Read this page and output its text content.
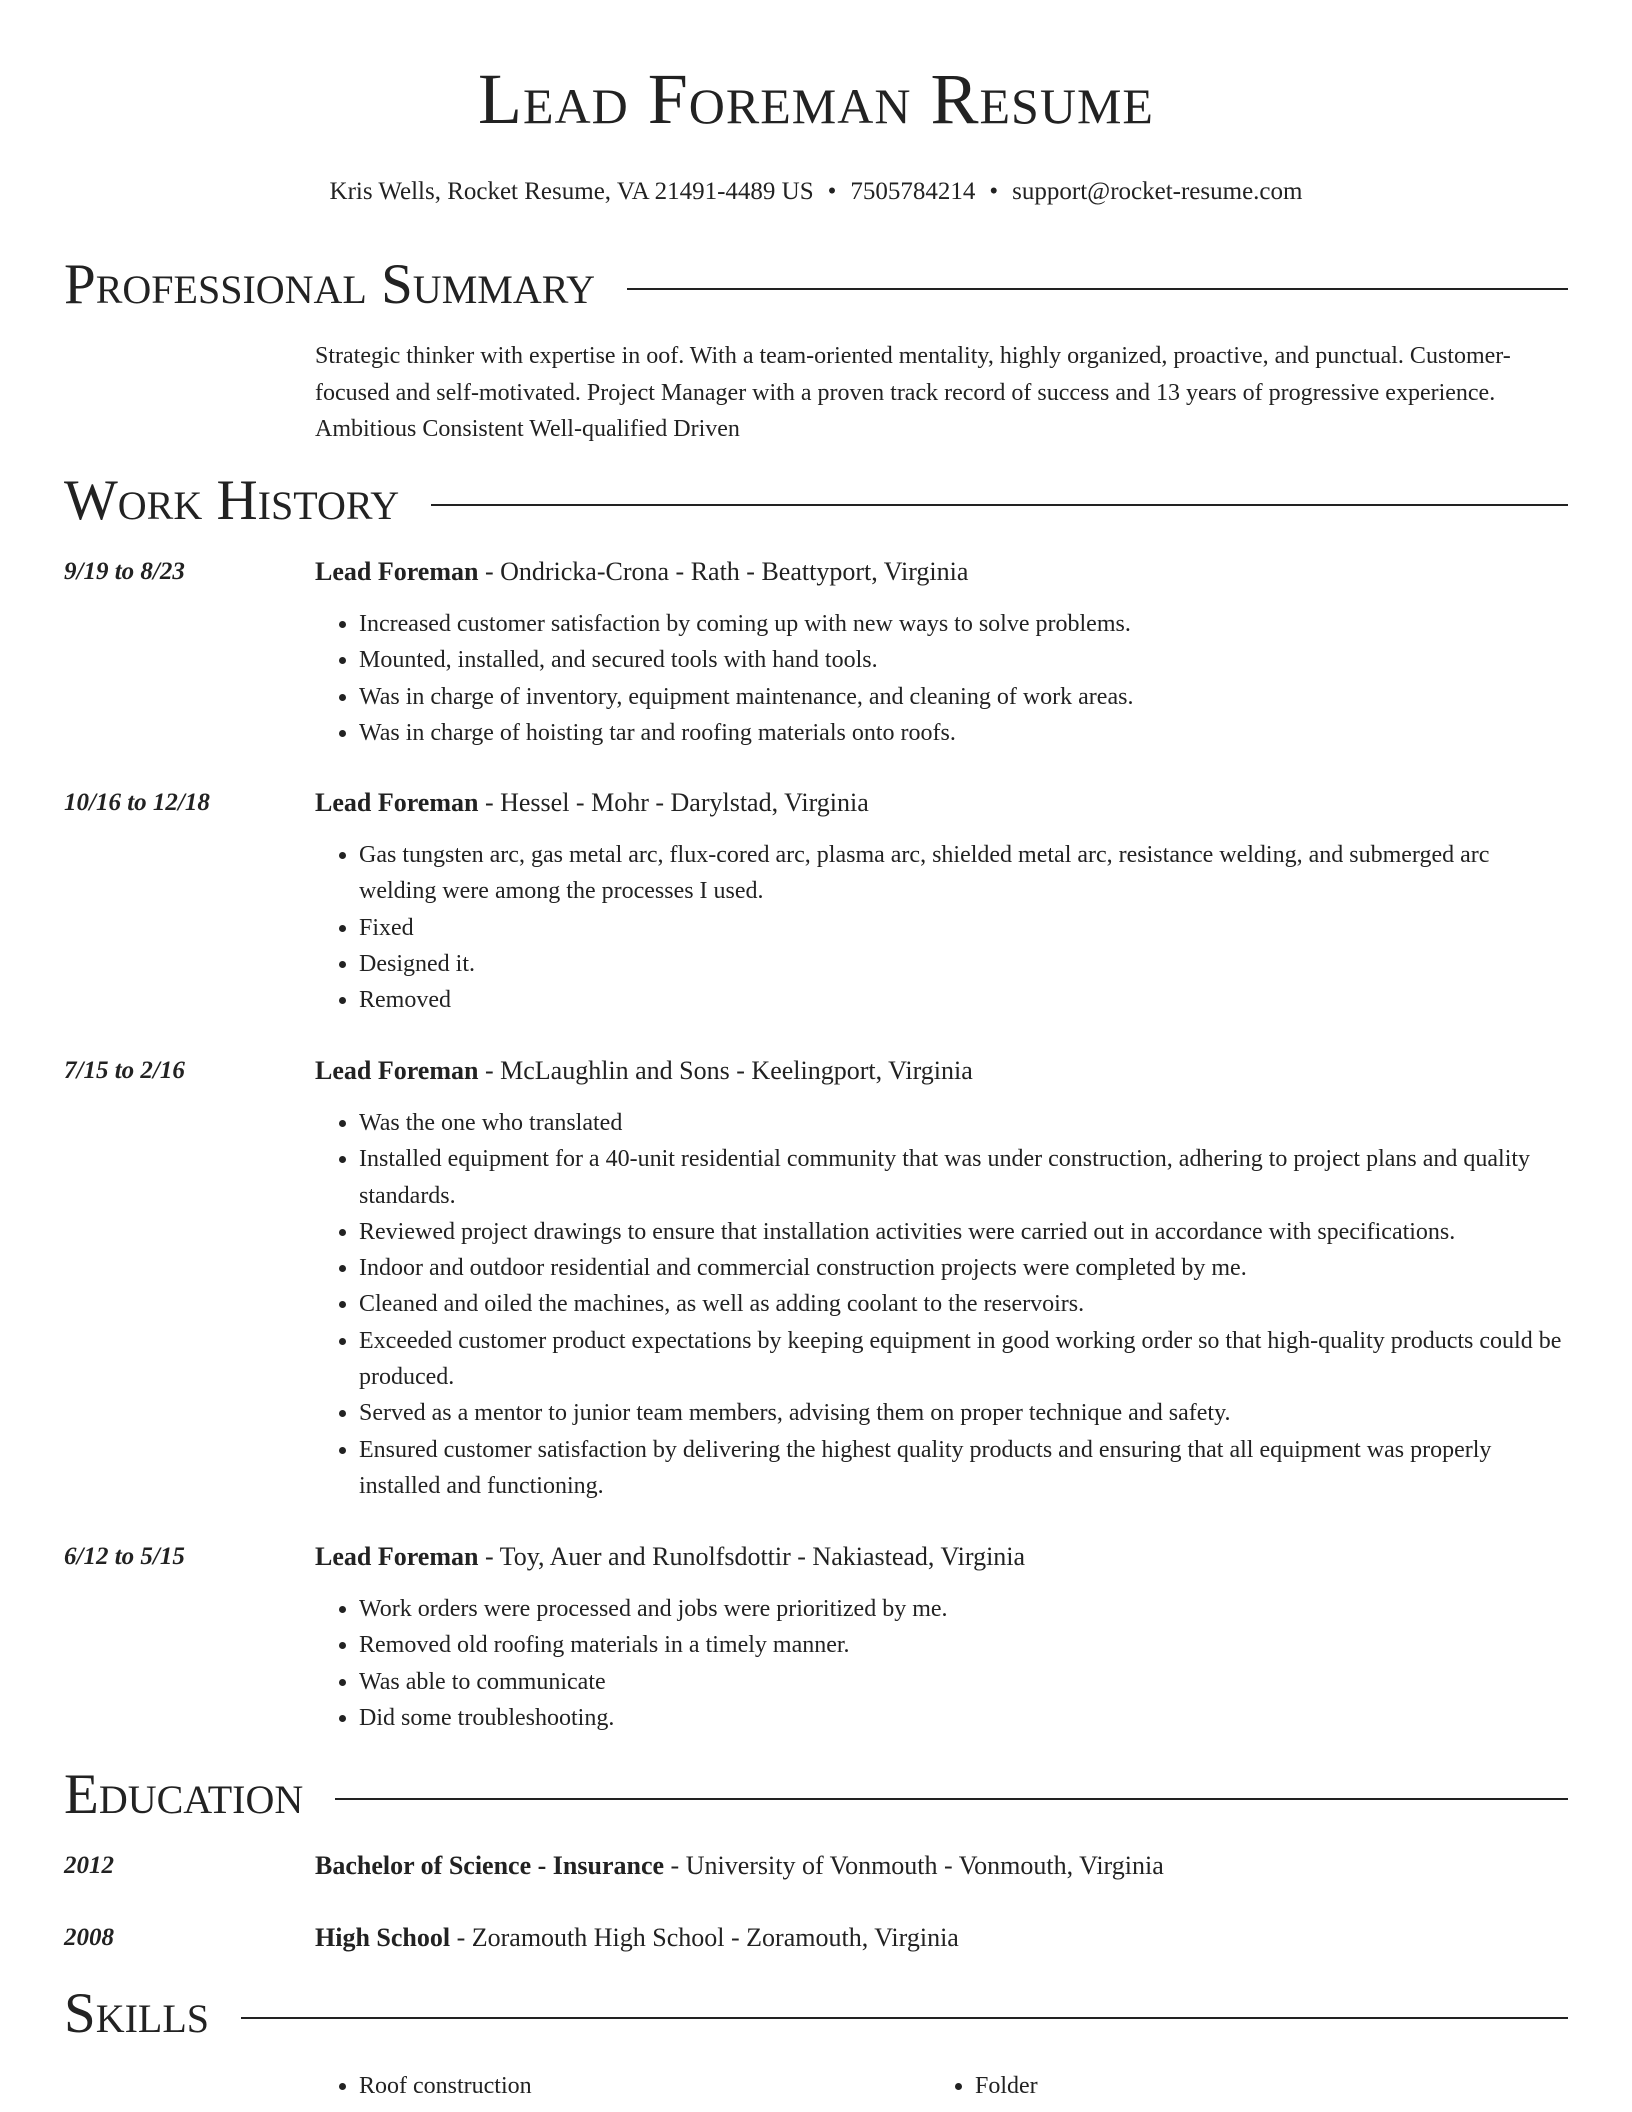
Lead Foreman Resume
Kris Wells, Rocket Resume, VA 21491-4489 US • 7505784214 • support@rocket-resume.com
Professional Summary
Strategic thinker with expertise in oof. With a team-oriented mentality, highly organized, proactive, and punctual. Customer-focused and self-motivated. Project Manager with a proven track record of success and 13 years of progressive experience. Ambitious Consistent Well-qualified Driven
Work History
9/19 to 8/23	Lead Foreman - Ondricka-Crona - Rath - Beattyport, Virginia
• Increased customer satisfaction by coming up with new ways to solve problems.
• Mounted, installed, and secured tools with hand tools.
• Was in charge of inventory, equipment maintenance, and cleaning of work areas.
• Was in charge of hoisting tar and roofing materials onto roofs.
10/16 to 12/18	Lead Foreman - Hessel - Mohr - Darylstad, Virginia
• Gas tungsten arc, gas metal arc, flux-cored arc, plasma arc, shielded metal arc, resistance welding, and submerged arc welding were among the processes I used.
• Fixed
• Designed it.
• Removed
7/15 to 2/16	Lead Foreman - McLaughlin and Sons - Keelingport, Virginia
• Was the one who translated
• Installed equipment for a 40-unit residential community that was under construction, adhering to project plans and quality standards.
• Reviewed project drawings to ensure that installation activities were carried out in accordance with specifications.
• Indoor and outdoor residential and commercial construction projects were completed by me.
• Cleaned and oiled the machines, as well as adding coolant to the reservoirs.
• Exceeded customer product expectations by keeping equipment in good working order so that high-quality products could be produced.
• Served as a mentor to junior team members, advising them on proper technique and safety.
• Ensured customer satisfaction by delivering the highest quality products and ensuring that all equipment was properly installed and functioning.
6/12 to 5/15	Lead Foreman - Toy, Auer and Runolfsdottir - Nakiastead, Virginia
• Work orders were processed and jobs were prioritized by me.
• Removed old roofing materials in a timely manner.
• Was able to communicate
• Did some troubleshooting.
Education
2012	Bachelor of Science - Insurance - University of Vonmouth - Vonmouth, Virginia
2008	High School - Zoramouth High School - Zoramouth, Virginia
Skills
• Roof construction
•	Folder
